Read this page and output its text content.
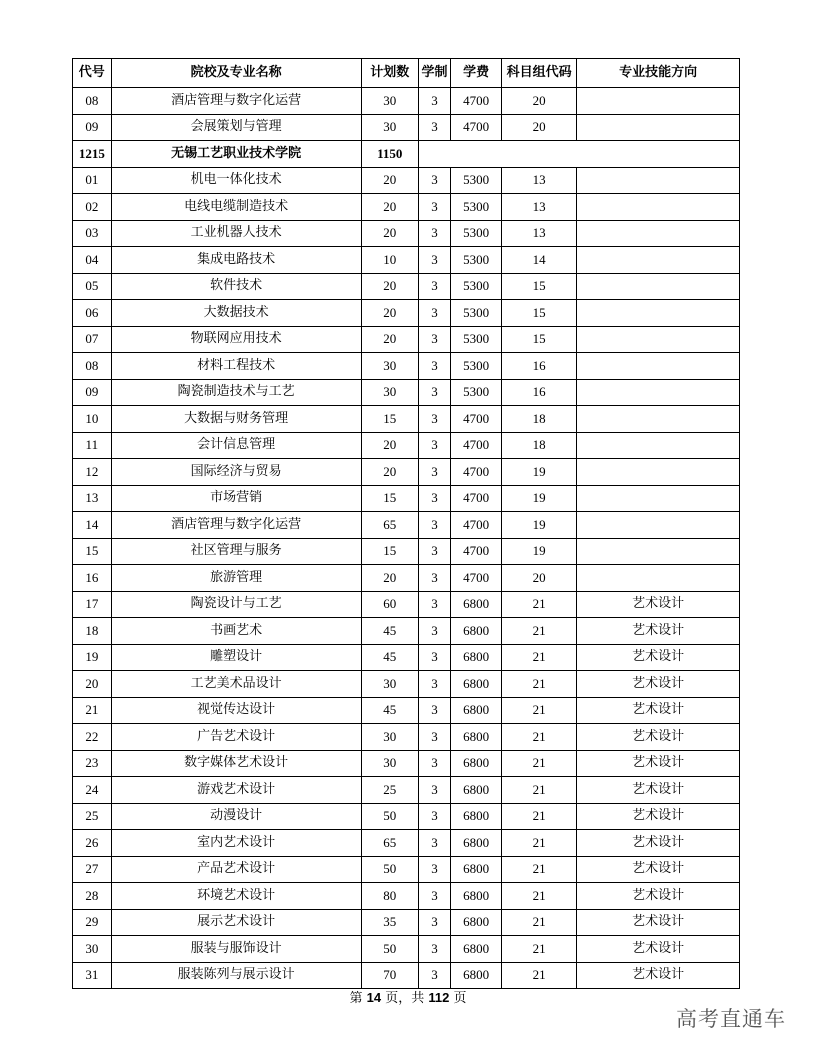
代号	院校及专业名称	计划数	学制	学费	科目组代码	专业技能方向
08	酒店管理与数字化运营	30	3	4700	20	
09	会展策划与管理	30	3	4700	20	
1215	无锡工艺职业技术学院	1150				
01	机电一体化技术	20	3	5300	13	
02	电线电缆制造技术	20	3	5300	13	
03	工业机器人技术	20	3	5300	13	
04	集成电路技术	10	3	5300	14	
05	软件技术	20	3	5300	15	
06	大数据技术	20	3	5300	15	
07	物联网应用技术	20	3	5300	15	
08	材料工程技术	30	3	5300	16	
09	陶瓷制造技术与工艺	30	3	5300	16	
10	大数据与财务管理	15	3	4700	18	
11	会计信息管理	20	3	4700	18	
12	国际经济与贸易	20	3	4700	19	
13	市场营销	15	3	4700	19	
14	酒店管理与数字化运营	65	3	4700	19	
15	社区管理与服务	15	3	4700	19	
16	旅游管理	20	3	4700	20	
17	陶瓷设计与工艺	60	3	6800	21	艺术设计
18	书画艺术	45	3	6800	21	艺术设计
19	雕塑设计	45	3	6800	21	艺术设计
20	工艺美术品设计	30	3	6800	21	艺术设计
21	视觉传达设计	45	3	6800	21	艺术设计
22	广告艺术设计	30	3	6800	21	艺术设计
23	数字媒体艺术设计	30	3	6800	21	艺术设计
24	游戏艺术设计	25	3	6800	21	艺术设计
25	动漫设计	50	3	6800	21	艺术设计
26	室内艺术设计	65	3	6800	21	艺术设计
27	产品艺术设计	50	3	6800	21	艺术设计
28	环境艺术设计	80	3	6800	21	艺术设计
29	展示艺术设计	35	3	6800	21	艺术设计
30	服装与服饰设计	50	3	6800	21	艺术设计
31	服装陈列与展示设计	70	3	6800	21	艺术设计
第 14 页，共 112 页
高考直通车
